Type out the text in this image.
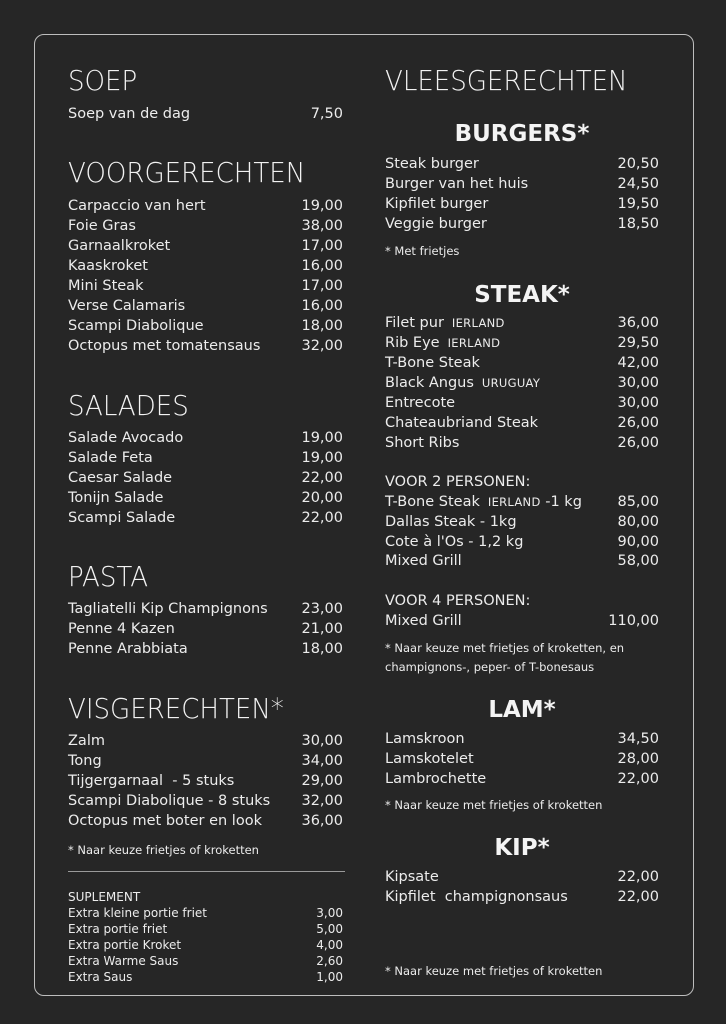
SOEP
Soep van de dag	7,50
VOORGERECHTEN
Carpaccio van hert	19,00
Foie Gras	38,00
Garnaalkroket	17,00
Kaaskroket	16,00
Mini Steak	17,00
Verse Calamaris	16,00
Scampi Diabolique	18,00
Octopus met tomatensaus	32,00
SALADES
Salade Avocado	19,00
Salade Feta	19,00
Caesar Salade	22,00
Tonijn Salade	20,00
Scampi Salade	22,00
PASTA
Tagliatelli Kip Champignons 23,00
Penne 4 Kazen	21,00
Penne Arabbiata	18,00
VISGERECHTEN*
Zalm	30,00
Tong	34,00
Tijgergarnaal  - 5 stuks	29,00
Scampi Diabolique - 8 stuks 32,00
Octopus met boter en look	36,00
* Naar keuze frietjes of kroketten
SUPLEMENT
Extra kleine portie friet	3,00
Extra portie friet	5,00
Extra portie Kroket	4,00
Extra Warme Saus	2,60
Extra Saus	1,00
VLEESGERECHTEN
BURGERS*
Steak burger	20,50
Burger van het huis	24,50
Kipfilet burger	19,50
Veggie burger	18,50
* Met frietjes
STEAK*
Filet pur IERLAND	36,00
Rib Eye IERLAND	29,50
T-Bone Steak	42,00
Black Angus URUGUAY	30,00
Entrecote	30,00
Chateaubriand Steak	26,00
Short Ribs	26,00
VOOR 2 PERSONEN:
T-Bone Steak IERLAND -1 kg 85,00
Dallas Steak - 1kg	80,00
Cote à l'Os - 1,2 kg	90,00
Mixed Grill	58,00
VOOR 4 PERSONEN:
Mixed Grill	110,00
* Naar keuze met frietjes of kroketten, en
champignons-, peper- of T-bonesaus
LAM*
Lamskroon	34,50
Lamskotelet	28,00
Lambrochette	22,00
* Naar keuze met frietjes of kroketten
KIP*
Kipsate	22,00
Kipfilet  champignonsaus	22,00
* Naar keuze met frietjes of kroketten
